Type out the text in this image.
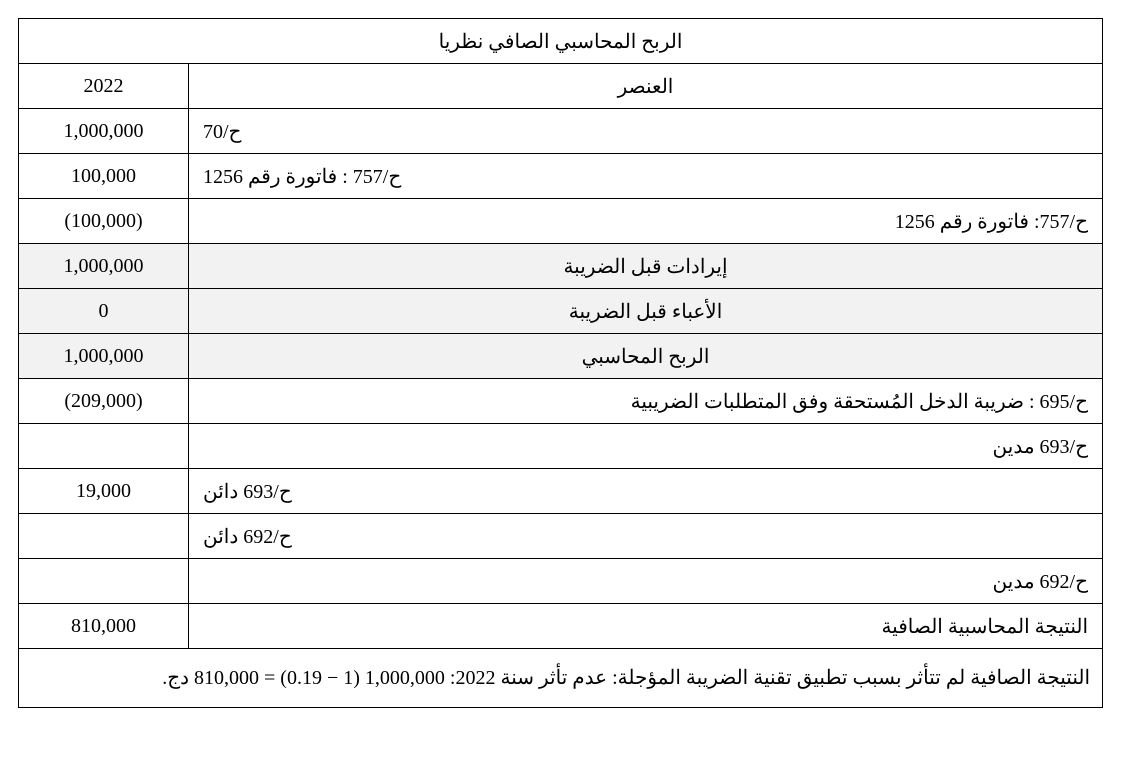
الربح المحاسبي الصافي نظريا	
2022	العنصر
1,000,000	ح/70
100,000	ح/757 : فاتورة رقم 1256
(100,000)	ح/757: فاتورة رقم 1256
1,000,000	إيرادات قبل الضريبة
0	الأعباء قبل الضريبة
1,000,000	الربح المحاسبي
(209,000)	ح/695 : ضريبة الدخل المُستحقة وفق المتطلبات الضريبية
	ح/693 مدين
19,000	ح/693 دائن
	ح/692 دائن
	ح/692 مدين
810,000	النتيجة المحاسبية الصافية
النتيجة الصافية لم تتأثر بسبب تطبيق تقنية الضريبة المؤجلة: عدم تأثر سنة 2022: 1,000,000 (1 − 0.19) = 810,000 دج.	
